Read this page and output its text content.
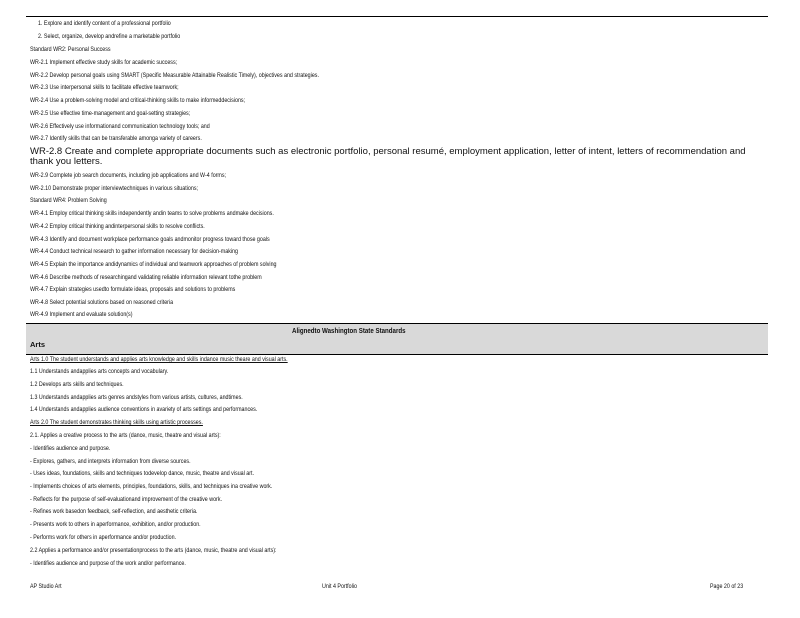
1. Explore and identify content of a professional portfolio
2. Select, organize, develop andrefine a marketable portfolio
Standard WR2: Personal Success
WR-2.1 Implement effective study skills for academic success;
WR-2.2 Develop personal goals using SMART (Specific Measurable Attainable Realistic Timely), objectives and strategies.
WR-2.3 Use interpersonal skills to facilitate effective teamwork;
WR-2.4 Use a problem-solving model and critical-thinking skills to make informeddecisions;
WR-2.5 Use effective time-management and goal-setting strategies;
WR-2.6 Effectively use informationand communication technology tools; and
WR-2.7 Identify skills that can be transferable amonga variety of careers.
WR-2.8 Create and complete appropriate documents such as electronic portfolio, personal resumé, employment application, letter of intent, letters of recommendation and thank you letters.
WR-2.9 Complete job search documents, including job applications and W-4 forms;
WR-2.10 Demonstrate proper interviewtechniques in various situations;
Standard WR4: Problem Solving
WR-4.1 Employ critical thinking skills independently andin teams to solve problems andmake decisions.
WR-4.2 Employ critical thinking andinterpersonal skills to resolve conflicts.
WR-4.3 Identify and document workplace performance goals andmonitor progress toward those goals
WR-4.4 Conduct technical research to gather information necessary for decision-making
WR-4.5 Explain the importance andidynamics of individual and teamwork approaches of problem solving
WR-4.6 Describe methods of researchingand validating reliable information relevant tothe problem
WR-4.7 Explain strategies usedto formulate ideas, proposals and solutions to problems
WR-4.8 Select potential solutions based on reasoned criteria
WR-4.9 Implement and evaluate solution(s)
Alignedto Washington State Standards
Arts
Arts 1.0 The student understands and applies arts knowledge and skills indance music theare and visual arts.
1.1 Understands andapplies arts concepts and vocabulary.
1.2 Develops arts skills and techniques.
1.3 Understands andapplies arts genres andstyles from various artists, cultures, andtimes.
1.4 Understands andapplies audience conventions in avariety of arts settings and performances.
Arts 2.0 The student demonstrates thinking skills using artistic processes.
2.1. Applies a creative process to the arts (dance, music, theatre and visual arts):
- Identifies audience and purpose.
- Explores, gathers, and interprets information from diverse sources.
- Uses ideas, foundations, skills and techniques todevelop dance, music, theatre and visual art.
- Implements choices of arts elements, principles, foundations, skills, and techniques ina creative work.
- Reflects for the purpose of self-evaluationand improvement of the creative work.
- Refines work basedon feedback, self-reflection, and aesthetic criteria.
- Presents work to others in aperformance, exhibition, and/or production.
- Performs work for others in aperformance and/or production.
2.2 Applies a performance and/or presentationprocess to the arts (dance, music, theatre and visual arts):
- Identifies audience and purpose of the work and/or performance.
AP Studio Art	Unit 4 Portfolio	Page 20 of 23
